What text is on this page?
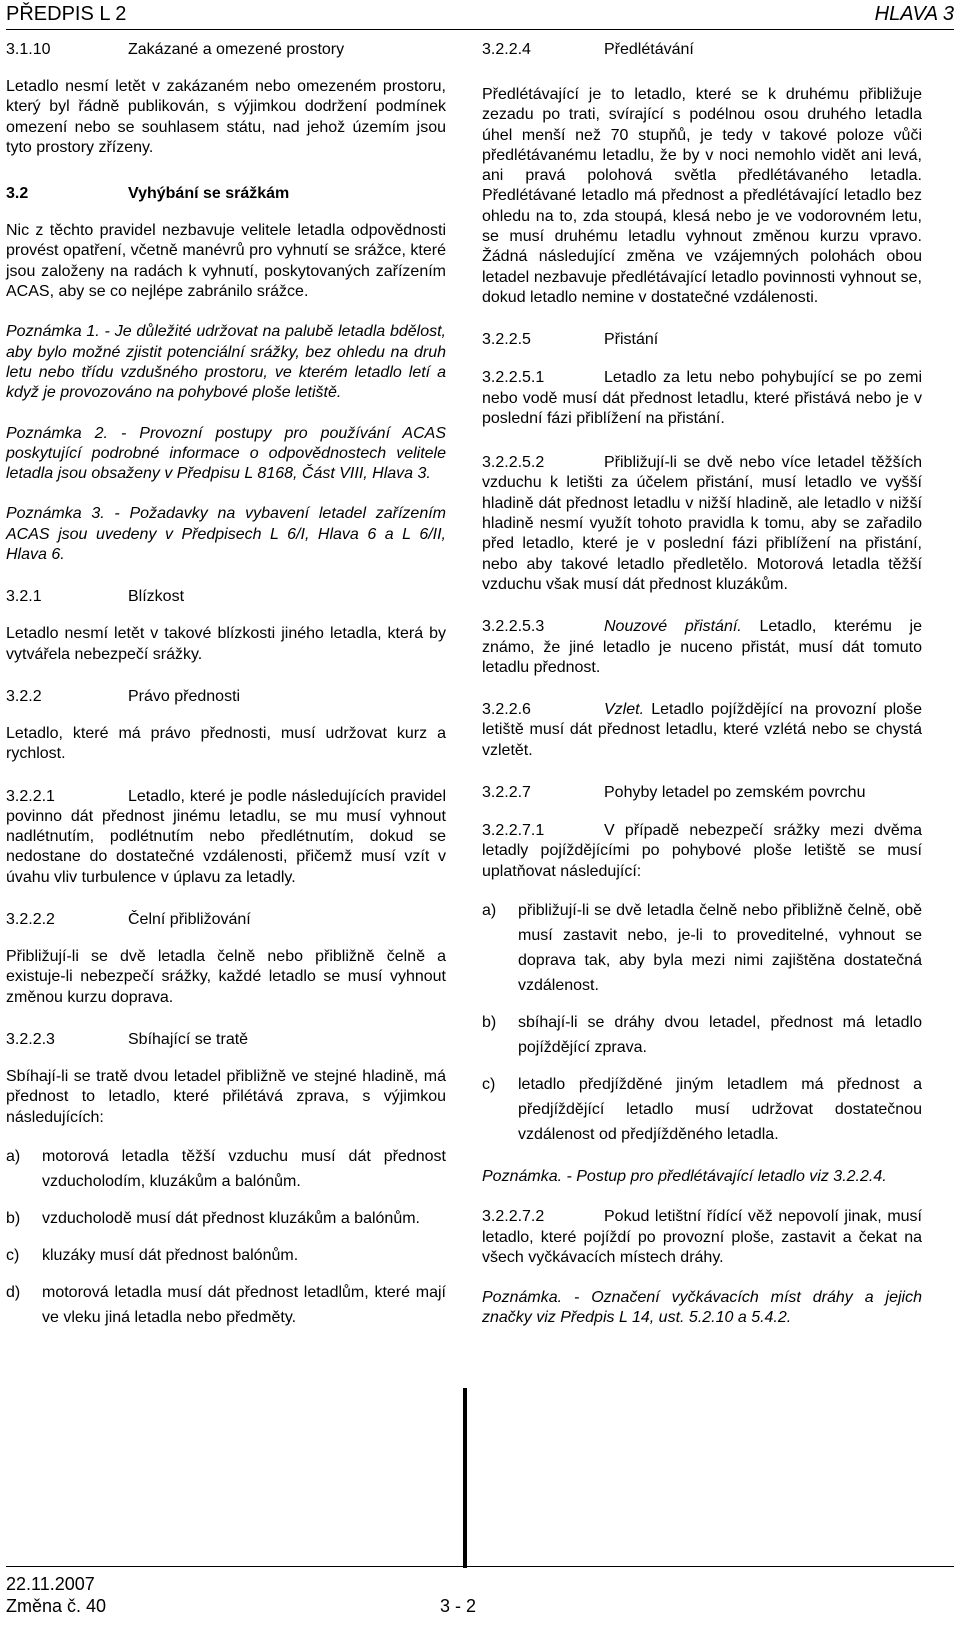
PŘEDPIS L 2	HLAVA 3
3.1.10	Zakázané a omezené prostory
Letadlo nesmí letět v zakázaném nebo omezeném prostoru, který byl řádně publikován, s výjimkou dodržení podmínek omezení nebo se souhlasem státu, nad jehož územím jsou tyto prostory zřízeny.
3.2	Vyhýbání se srážkám
Nic z těchto pravidel nezbavuje velitele letadla odpovědnosti provést opatření, včetně manévrů pro vyhnutí se srážce, které jsou založeny na radách k vyhnutí, poskytovaných zařízením ACAS, aby se co nejlépe zabránilo srážce.
Poznámka 1. - Je důležité udržovat na palubě letadla bdělost, aby bylo možné zjistit potenciální srážky, bez ohledu na druh letu nebo třídu vzdušného prostoru, ve kterém letadlo letí a když je provozováno na pohybové ploše letiště.
Poznámka 2. - Provozní postupy pro používání ACAS poskytující podrobné informace o odpovědnostech velitele letadla jsou obsaženy v Předpisu L 8168, Část VIII, Hlava 3.
Poznámka 3. - Požadavky na vybavení letadel zařízením ACAS jsou uvedeny v Předpisech L 6/I, Hlava 6 a L 6/II, Hlava 6.
3.2.1	Blízkost
Letadlo nesmí letět v takové blízkosti jiného letadla, která by vytvářela nebezpečí srážky.
3.2.2	Právo přednosti
Letadlo, které má právo přednosti, musí udržovat kurz a rychlost.
3.2.2.1	Letadlo, které je podle následujících pravidel povinno dát přednost jinému letadlu, se mu musí vyhnout nadlétnutím, podlétnutím nebo předlétnutím, dokud se nedostane do dostatečné vzdálenosti, přičemž musí vzít v úvahu vliv turbulence v úplavu za letadly.
3.2.2.2	Čelní přibližování
Přibližují-li se dvě letadla čelně nebo přibližně čelně a existuje-li nebezpečí srážky, každé letadlo se musí vyhnout změnou kurzu doprava.
3.2.2.3	Sbíhající se tratě
Sbíhají-li se tratě dvou letadel přibližně ve stejné hladině, má přednost to letadlo, které přilétává zprava, s výjimkou následujících:
a) motorová letadla těžší vzduchu musí dát přednost vzducholodím, kluzákům a balónům.
b) vzducholodě musí dát přednost kluzákům a balónům.
c) kluzáky musí dát přednost balónům.
d) motorová letadla musí dát přednost letadlům, které mají ve vleku jiná letadla nebo předměty.
3.2.2.4	Předlétávání
Předlétávající je to letadlo, které se k druhému přibližuje zezadu po trati, svírající s podélnou osou druhého letadla úhel menší než 70 stupňů, je tedy v takové poloze vůči předlétávanému letadlu, že by v noci nemohlo vidět ani levá, ani pravá polohová světla předlétávaného letadla. Předlétávané letadlo má přednost a předlétávající letadlo bez ohledu na to, zda stoupá, klesá nebo je ve vodorovném letu, se musí druhému letadlu vyhnout změnou kurzu vpravo. Žádná následující změna ve vzájemných polohách obou letadel nezbavuje předlétávající letadlo povinnosti vyhnout se, dokud letadlo nemine v dostatečné vzdálenosti.
3.2.2.5	Přistání
3.2.2.5.1	Letadlo za letu nebo pohybující se po zemi nebo vodě musí dát přednost letadlu, které přistává nebo je v poslední fázi přiblížení na přistání.
3.2.2.5.2	Přibližují-li se dvě nebo více letadel těžších vzduchu k letišti za účelem přistání, musí letadlo ve vyšší hladině dát přednost letadlu v nižší hladině, ale letadlo v nižší hladině nesmí využít tohoto pravidla k tomu, aby se zařadilo před letadlo, které je v poslední fázi přiblížení na přistání, nebo aby takové letadlo předletělo. Motorová letadla těžší vzduchu však musí dát přednost kluzákům.
3.2.2.5.3	Nouzové přistání. Letadlo, kterému je známo, že jiné letadlo je nuceno přistát, musí dát tomuto letadlu přednost.
3.2.2.6	Vzlet. Letadlo pojíždějící na provozní ploše letiště musí dát přednost letadlu, které vzlétá nebo se chystá vzletět.
3.2.2.7	Pohyby letadel po zemském povrchu
3.2.2.7.1	V případě nebezpečí srážky mezi dvěma letadly pojíždějícími po pohybové ploše letiště se musí uplatňovat následující:
a) přibližují-li se dvě letadla čelně nebo přibližně čelně, obě musí zastavit nebo, je-li to proveditelné, vyhnout se doprava tak, aby byla mezi nimi zajištěna dostatečná vzdálenost.
b) sbíhají-li se dráhy dvou letadel, přednost má letadlo pojíždějící zprava.
c) letadlo předjížděné jiným letadlem má přednost a předjíždějící letadlo musí udržovat dostatečnou vzdálenost od předjížděného letadla.
Poznámka. - Postup pro předlétávající letadlo viz 3.2.2.4.
3.2.2.7.2	Pokud letištní řídící věž nepovolí jinak, musí letadlo, které pojíždí po provozní ploše, zastavit a čekat na všech vyčkávacích místech dráhy.
Poznámka. - Označení vyčkávacích míst dráhy a jejich značky viz Předpis L 14, ust. 5.2.10 a 5.4.2.
22.11.2007
Změna č. 40	3 - 2
